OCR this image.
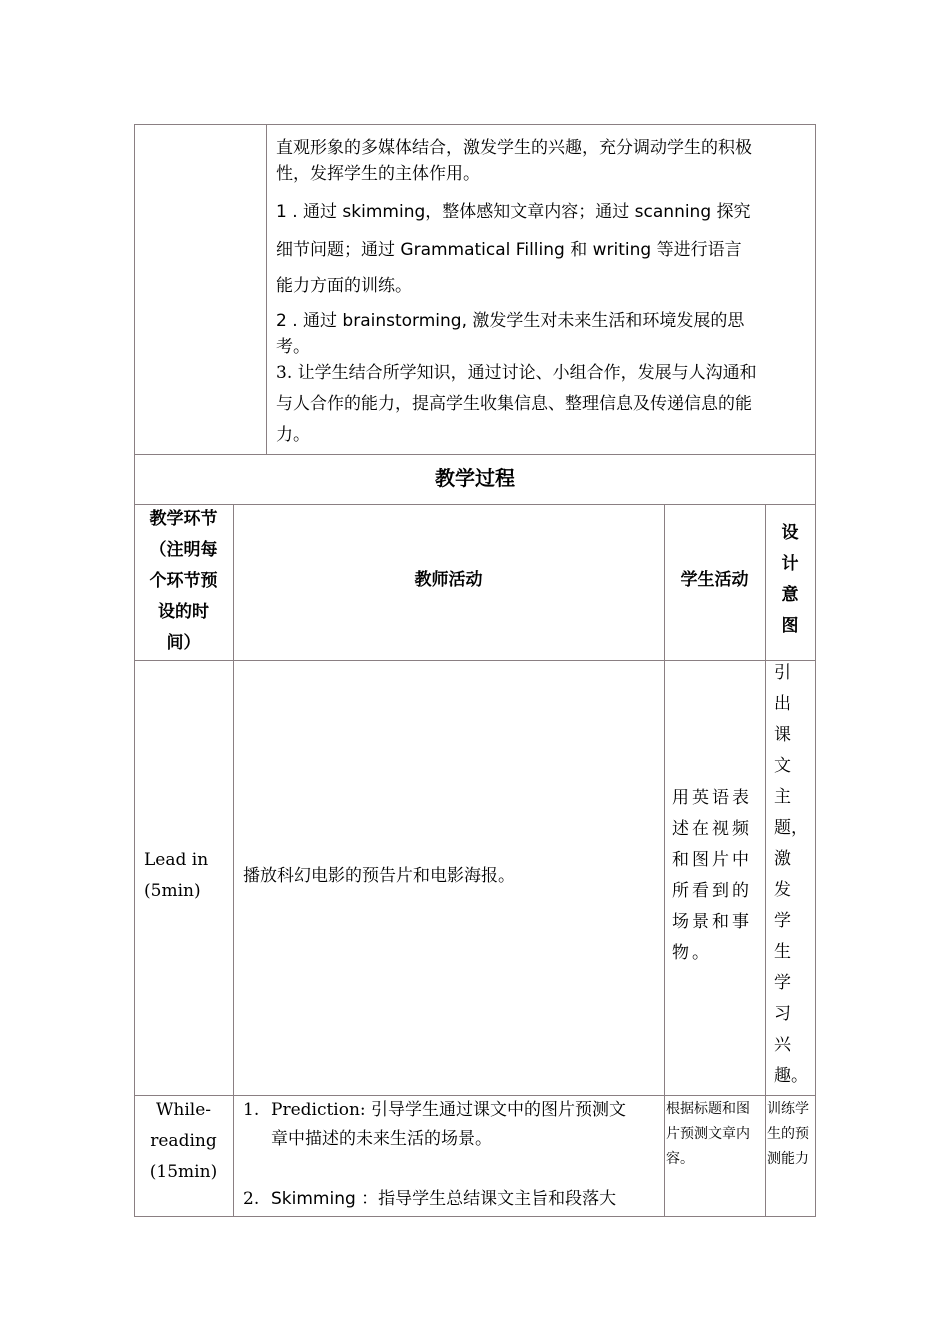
直观形象的多媒体结合，激发学生的兴趣，充分调动学生的积极
性，发挥学生的主体作用。
1 . 通过 skimming，整体感知文章内容；通过 scanning 探究
细节问题；通过 Grammatical Filling 和 writing 等进行语言
能力方面的训练。
2 . 通过 brainstorming, 激发学生对未来生活和环境发展的思
考。
3. 让学生结合所学知识，通过讨论、小组合作，发展与人沟通和
与人合作的能力，提高学生收集信息、整理信息及传递信息的能
力。
教学过程
教学环节
（注明每
个环节预
设的时
间）
教师活动	学生活动
设
计
意
图
Lead in
(5min)
播放科幻电影的预告片和电影海报。
用英语表
述在视频
和图片中
所看到的
场景和事
物。
引
出
课
文
主
题，
激
发
学
生
学
习
兴
趣。
While-
reading
(15min)
1. Prediction: 引导学生通过课文中的图片预测文
章中描述的未来生活的场景。
2. Skimming ：指导学生总结课文主旨和段落大
根据标题和图
片预测文章内
容。
训练学
生的预
测能力
